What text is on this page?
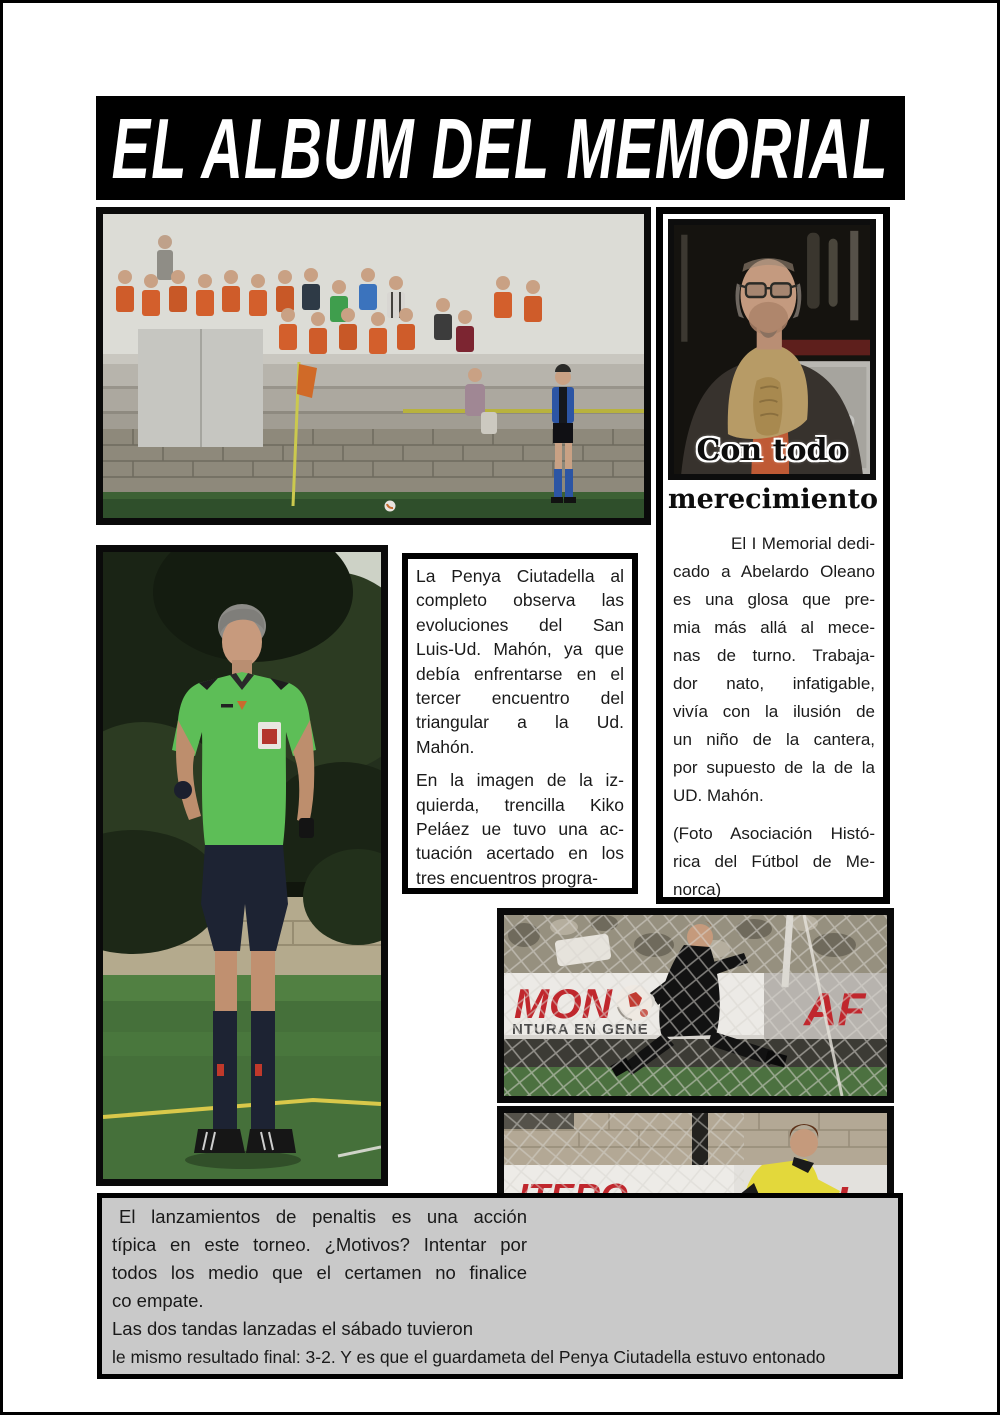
EL ALBUM DEL MEMORIAL
Con todo
merecimiento

El I Memorial dedi-
cado a Abelardo Oleano
es una glosa que pre-
mia más allá al mece-
nas de turno. Trabaja-
dor nato, infatigable,
vivía con la ilusión de
un niño de la cantera,
por supuesto de la de la
UD. Mahón.

(Foto Asociación Histó-
rica del Fútbol de Me-
norca)

La Penya Ciutadella al
completo observa las
evoluciones del San
Luis-Ud. Mahón, ya que
debía enfrentarse en el
tercer encuentro del
triangular a la Ud.
Mahón.

En la imagen de la iz-
quierda, trencilla Kiko
Peláez ue tuvo una ac-
tuación acertado en los
tres encuentros progra-

El lanzamientos de penaltis es una acción
típica en este torneo. ¿Motivos? Intentar por
todos los medio que el certamen no finalice
co empate.

Las dos tandas lanzadas el sábado tuvieron
le mismo resultado final: 3-2. Y es que el guardameta del Penya Ciutadella estuvo entonado
